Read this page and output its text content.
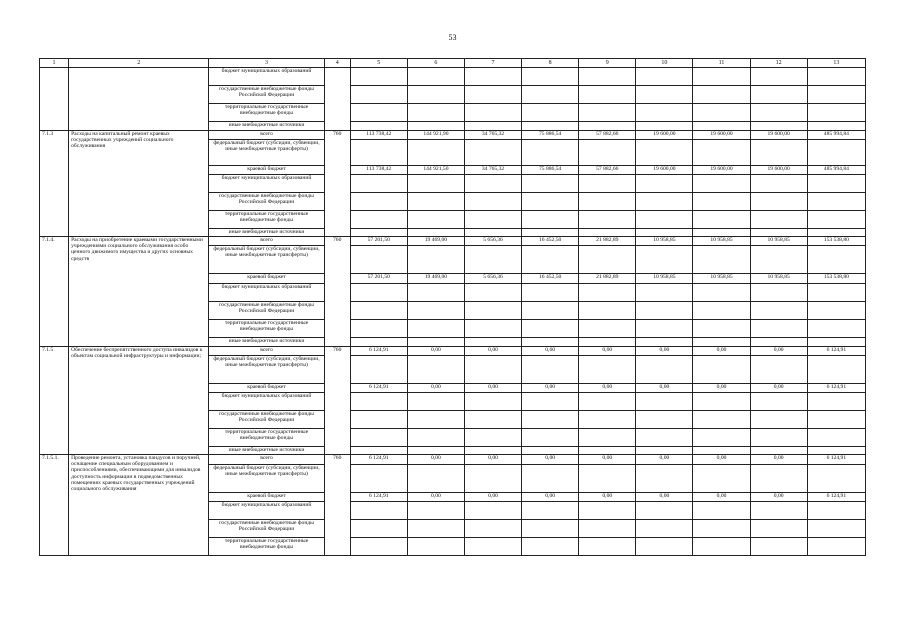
53
1	2	3	4	5	6	7	8	9	10	11	12	13
		бюджет муниципальных образований										
		государственные внебюджетные фонды Российской Федерации										
		территориальные государственные внебюджетные фонды										
		иные внебюджетные источники										
7.1.3	Расходы на капитальный ремонт краевых государственных учреждений социального обслуживания	всего	760	113 738,42	144 921,90	34 765,32	75 886,54	57 882,66	19 600,00	19 600,00	19 600,00	485 994,84
		федеральный бюджет (субсидии, субвенции, иные межбюджетные трансферты)										
		краевой бюджет		113 738,42	144 921,50	34 765,32	75 886,54	57 882,66	19 600,00	19 600,00	19 600,00	485 994,84
		бюджет муниципальных образований										
		государственные внебюджетные фонды Российской Федерации										
		территориальные государственные внебюджетные фонды										
		иные внебюджетные источники										
7.1.4.	Расходы на приобретение краевыми государственными учреждениями социального обслуживания особо ценного движимого имущества и других основных средств	всего	760	57 201,50	19 469,00	5 656,36	16 452,50	21 882,89	10 958,85	10 958,85	10 958,85	153 538,80
		федеральный бюджет (субсидии, субвенции, иные межбюджетные трансферты)										
		краевой бюджет		57 201,50	19 469,00	5 656,36	16 452,50	21 882,89	10 958,85	10 958,85	10 958,85	153 538,80
		бюджет муниципальных образований										
		государственные внебюджетные фонды Российской Федерации										
		территориальные государственные внебюджетные фонды										
		иные внебюджетные источники										
7.1.5	Обеспечение беспрепятственного доступа инвалидов к объектам социальной инфраструктуры и информации;	всего	760	6 124,91	0,00	0,00	0,60	0,00	0,00	0,00	0,00	6 124,91
		федеральный бюджет (субсидии, субвенции, иные межбюджетные трансферты)										
		краевой бюджет		6 124,91	0,00	0,00	0,00	0,00	0,00	0,00	0,00	6 124,91
		бюджет муниципальных образований										
		государственные внебюджетные фонды Российской Федерации										
		территориальные государственные внебюджетные фонды										
		иные внебюджетные источники										
7.1.5.1.	Проведение ремонта, установка пандусов и поручней, оснащение специальным оборудованием и приспособлениями, обеспечивающими для инвалидов доступность информации в подведомственных помещениях краевых государственных учреждений социального обслуживания	всего	760	6 124,91	0,00	0,00	0,00	0,00	0,00	0,00	0,00	6 124,91
		федеральный бюджет (субсидии, субвенции, иные межбюджетные трансферты)										
		краевой бюджет		6 124,91	0,00	0,00	0,00	0,00	0,00	0,00	0,00	6 124,91
		бюджет муниципальных образований										
		государственные внебюджетные фонды Российской Федерации										
		территориальные государственные внебюджетные фонды										
